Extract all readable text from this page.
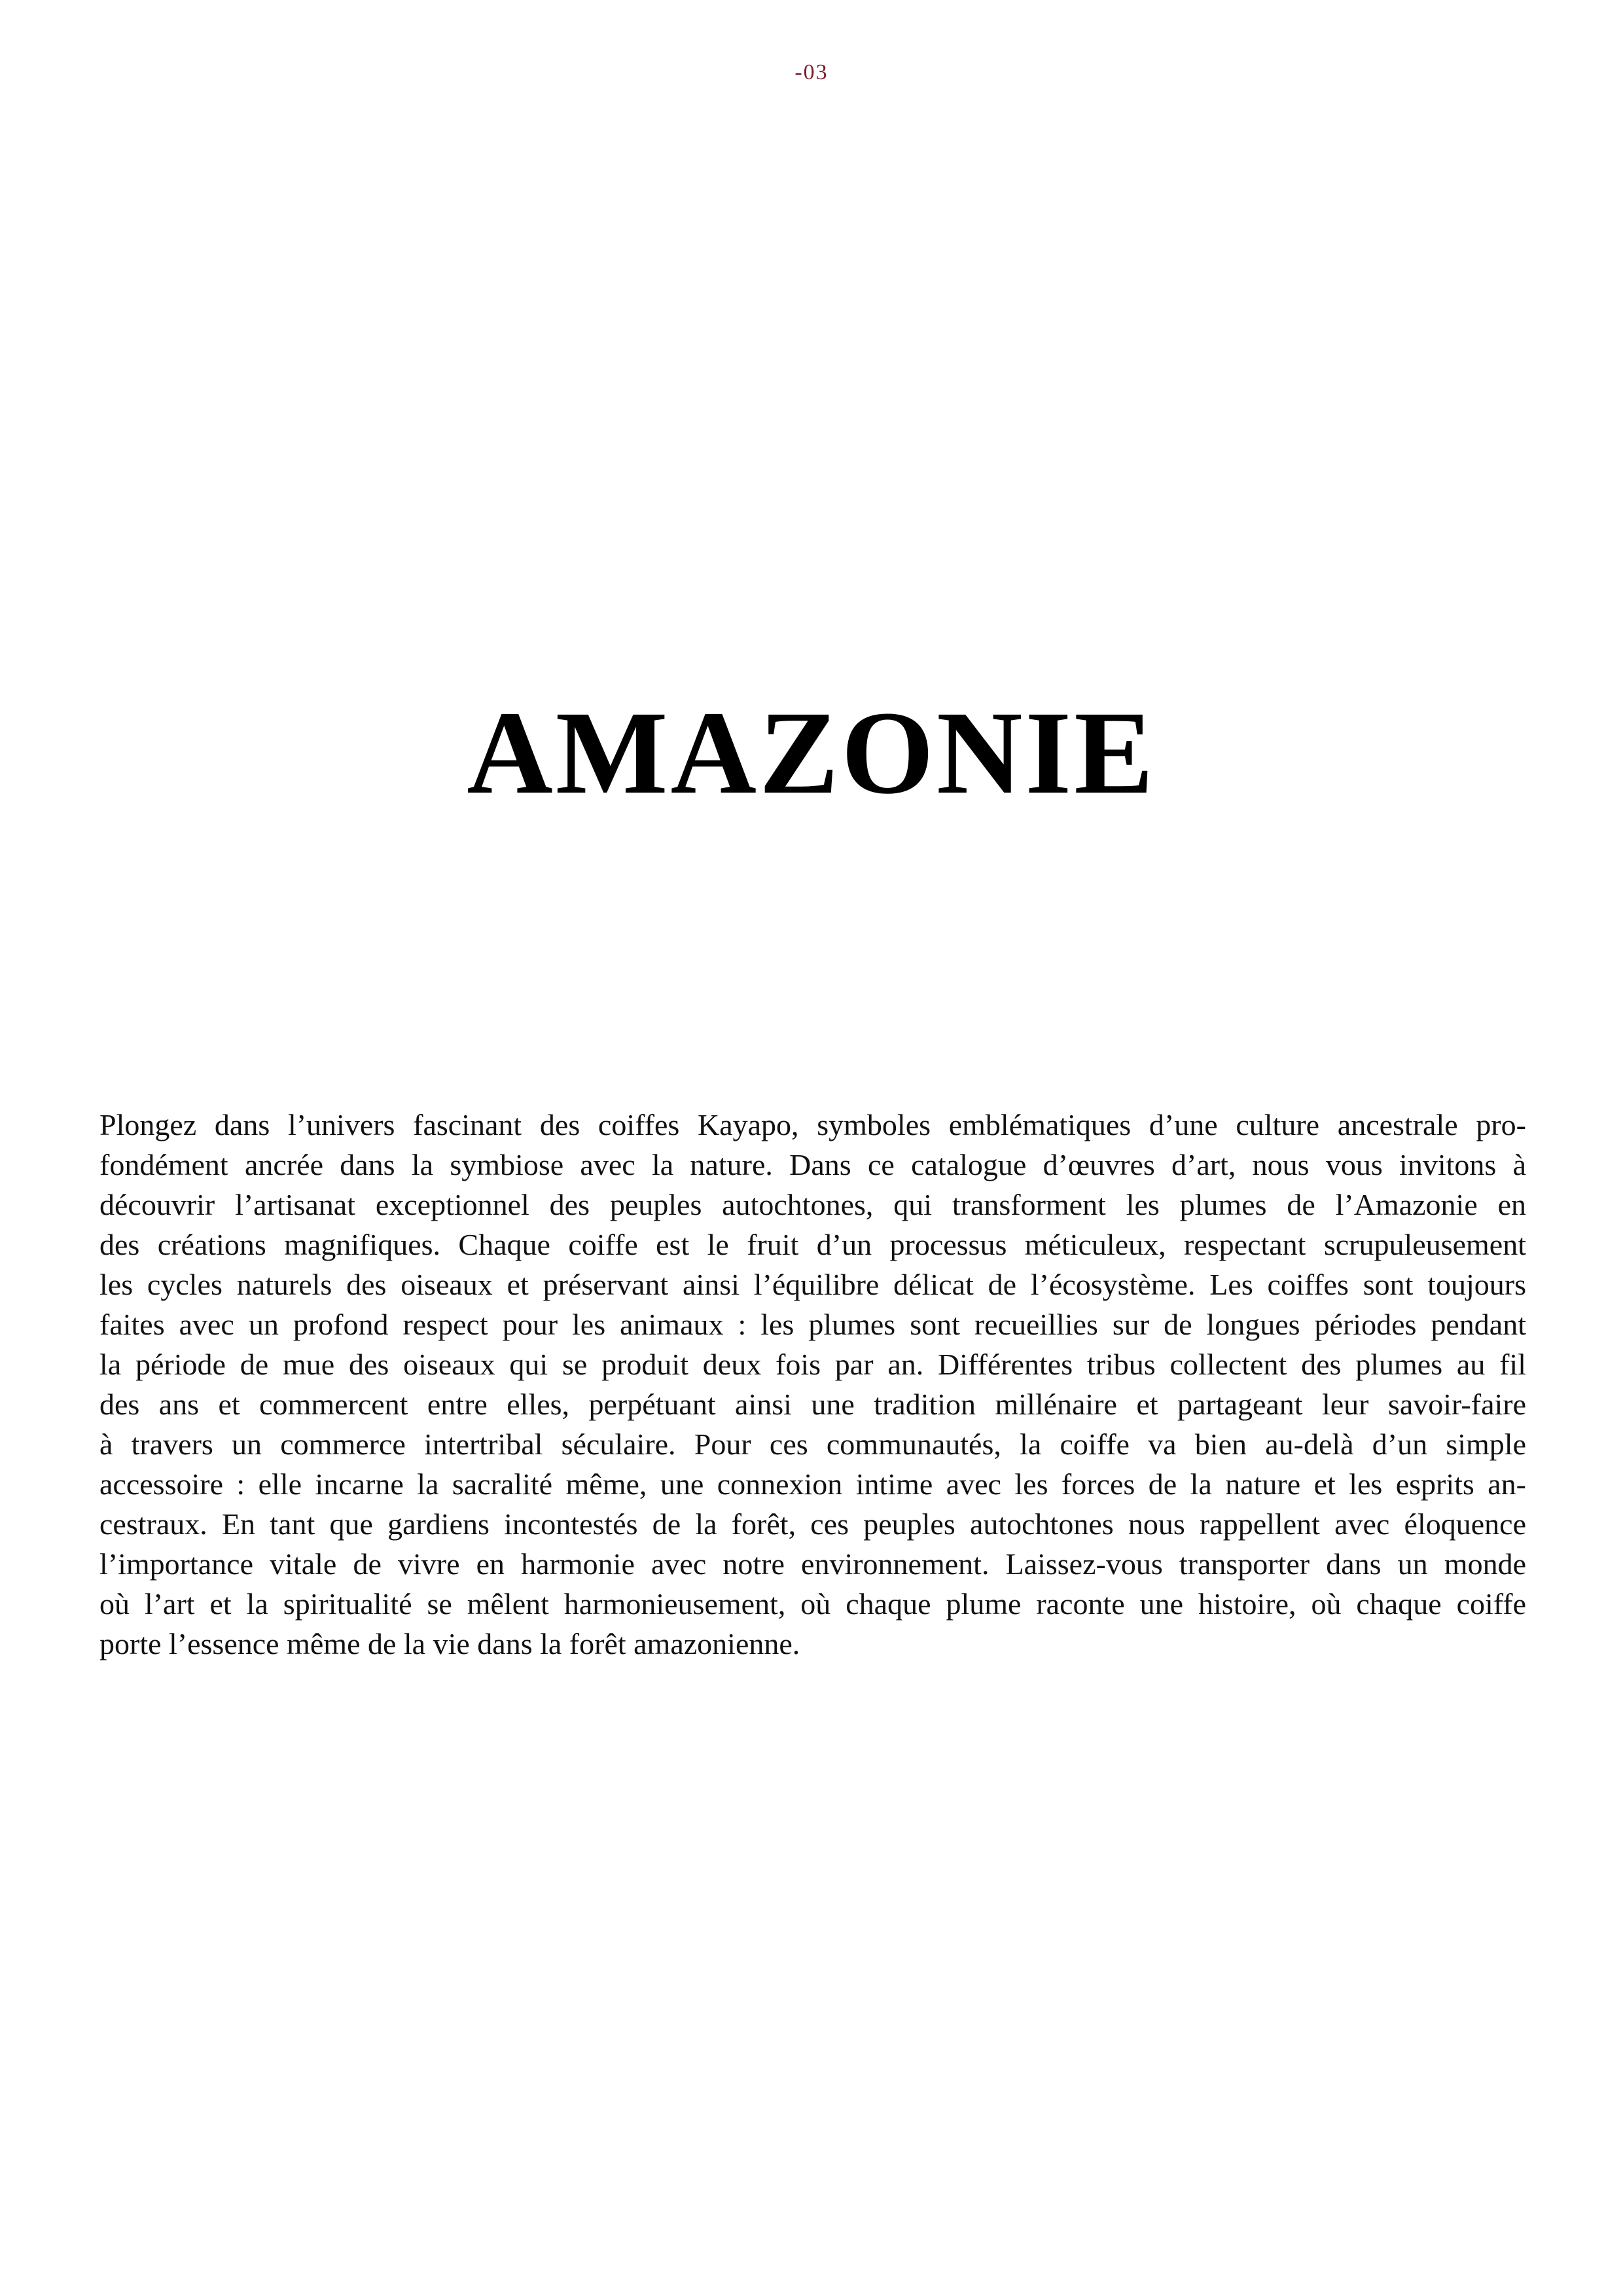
-03
AMAZONIE
Plongez dans l’univers fascinant des coiffes Kayapo, symboles emblématiques d’une culture ancestrale pro-
fondément ancrée dans la symbiose avec la nature. Dans ce catalogue d’œuvres d’art, nous vous invitons à
découvrir l’artisanat exceptionnel des peuples autochtones, qui transforment les plumes de l’Amazonie en
des créations magnifiques. Chaque coiffe est le fruit d’un processus méticuleux, respectant scrupuleusement
les cycles naturels des oiseaux et préservant ainsi l’équilibre délicat de l’écosystème. Les coiffes sont toujours
faites avec un profond respect pour les animaux : les plumes sont recueillies sur de longues périodes pendant
la période de mue des oiseaux qui se produit deux fois par an. Différentes tribus collectent des plumes au fil
des ans et commercent entre elles, perpétuant ainsi une tradition millénaire et partageant leur savoir-faire
à travers un commerce intertribal séculaire. Pour ces communautés, la coiffe va bien au-delà d’un simple
accessoire : elle incarne la sacralité même, une connexion intime avec les forces de la nature et les esprits an-
cestraux. En tant que gardiens incontestés de la forêt, ces peuples autochtones nous rappellent avec éloquence
l’importance vitale de vivre en harmonie avec notre environnement. Laissez-vous transporter dans un monde
où l’art et la spiritualité se mêlent harmonieusement, où chaque plume raconte une histoire, où chaque coiffe
porte l’essence même de la vie dans la forêt amazonienne.
